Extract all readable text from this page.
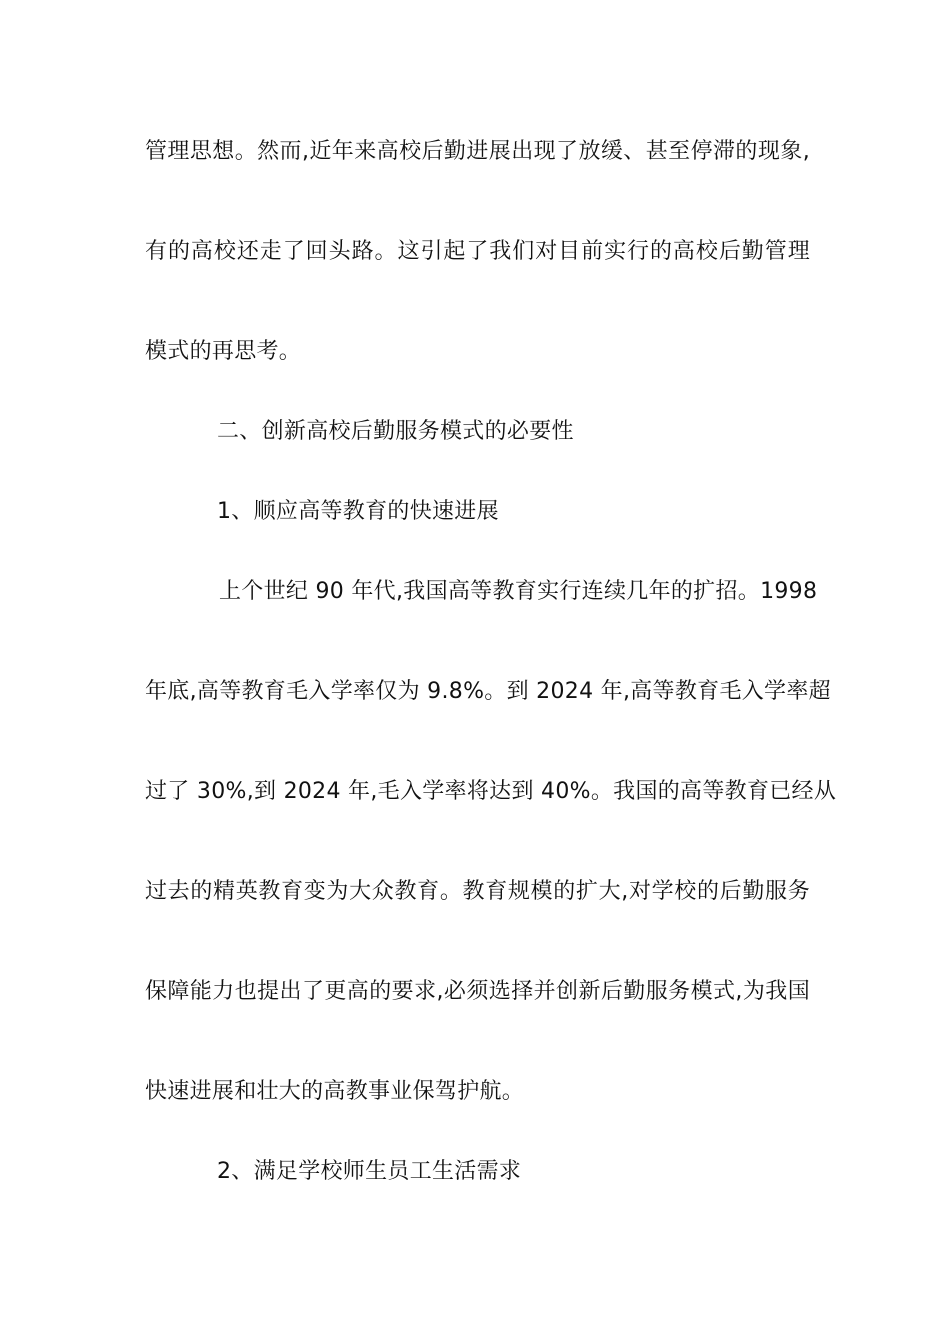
管理思想。然而,近年来高校后勤进展出现了放缓、甚至停滞的现象,
有的高校还走了回头路。这引起了我们对目前实行的高校后勤管理
模式的再思考。
二、创新高校后勤服务模式的必要性
1、顺应高等教育的快速进展
上个世纪 90 年代,我国高等教育实行连续几年的扩招。1998
年底,高等教育毛入学率仅为 9.8%。到 2024 年,高等教育毛入学率超
过了 30%,到 2024 年,毛入学率将达到 40%。我国的高等教育已经从
过去的精英教育变为大众教育。教育规模的扩大,对学校的后勤服务
保障能力也提出了更高的要求,必须选择并创新后勤服务模式,为我国
快速进展和壮大的高教事业保驾护航。
2、满足学校师生员工生活需求
